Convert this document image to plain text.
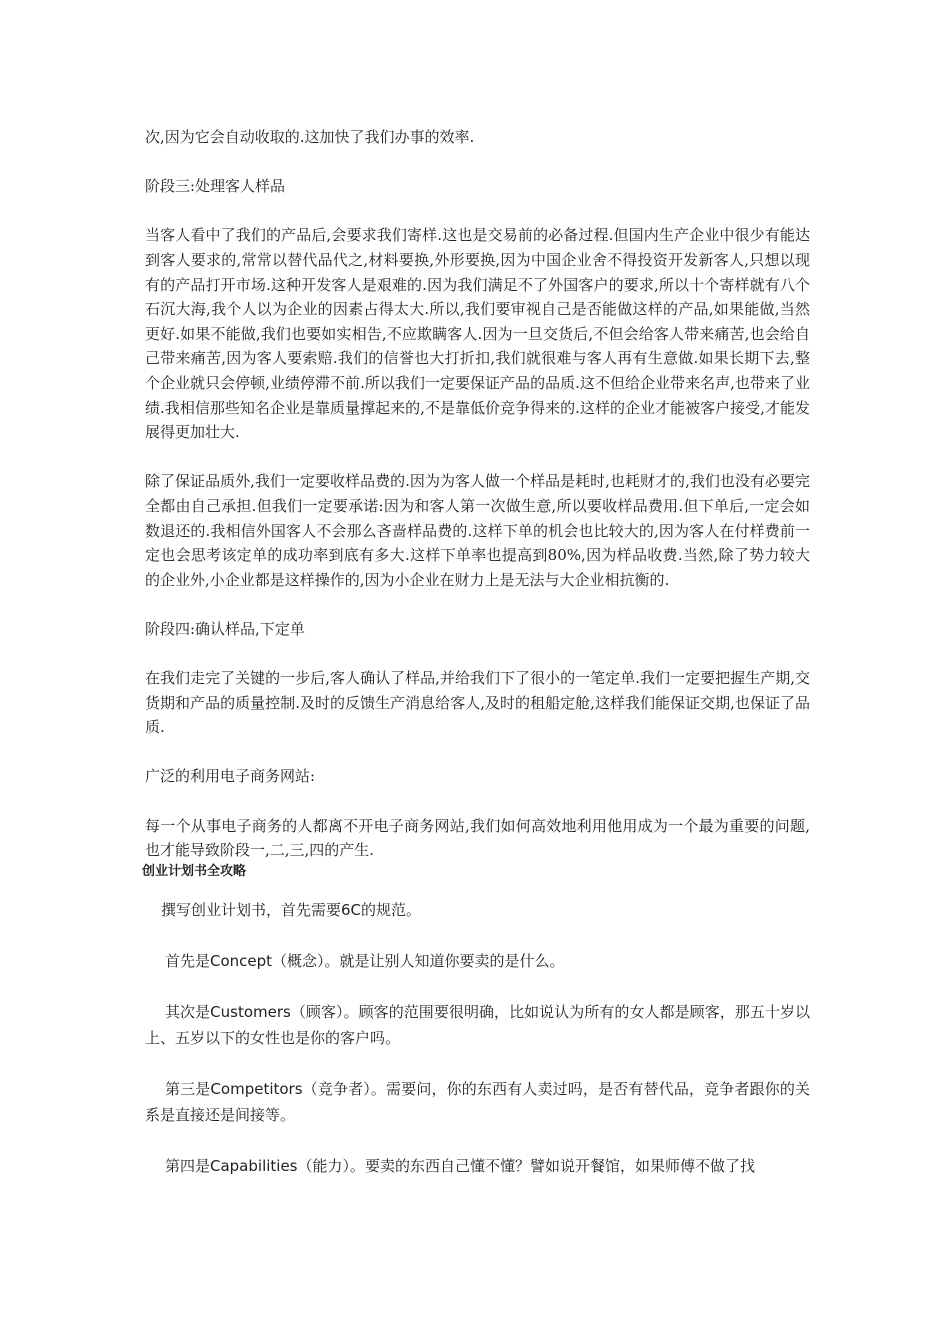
次,因为它会自动收取的.这加快了我们办事的效率.

阶段三:处理客人样品

当客人看中了我们的产品后,会要求我们寄样.这也是交易前的必备过程.但国内生产企业中很少有能达到客人要求的,常常以替代品代之,材料要换,外形要换,因为中国企业舍不得投资开发新客人,只想以现有的产品打开市场.这种开发客人是艰难的.因为我们满足不了外国客户的要求,所以十个寄样就有八个石沉大海,我个人以为企业的因素占得太大.所以,我们要审视自己是否能做这样的产品,如果能做,当然更好.如果不能做,我们也要如实相告,不应欺瞒客人.因为一旦交货后,不但会给客人带来痛苦,也会给自己带来痛苦,因为客人要索赔.我们的信誉也大打折扣,我们就很难与客人再有生意做.如果长期下去,整个企业就只会停顿,业绩停滞不前.所以我们一定要保证产品的品质.这不但给企业带来名声,也带来了业绩.我相信那些知名企业是靠质量撑起来的,不是靠低价竞争得来的.这样的企业才能被客户接受,才能发展得更加壮大.

除了保证品质外,我们一定要收样品费的.因为为客人做一个样品是耗时,也耗财才的,我们也没有必要完全都由自己承担.但我们一定要承诺:因为和客人第一次做生意,所以要收样品费用.但下单后,一定会如数退还的.我相信外国客人不会那么吝啬样品费的.这样下单的机会也比较大的,因为客人在付样费前一定也会思考该定单的成功率到底有多大.这样下单率也提高到80%,因为样品收费.当然,除了势力较大的企业外,小企业都是这样操作的,因为小企业在财力上是无法与大企业相抗衡的.

阶段四:确认样品,下定单

在我们走完了关键的一步后,客人确认了样品,并给我们下了很小的一笔定单.我们一定要把握生产期,交货期和产品的质量控制.及时的反馈生产消息给客人,及时的租船定舱,这样我们能保证交期,也保证了品质.

广泛的利用电子商务网站:

每一个从事电子商务的人都离不开电子商务网站,我们如何高效地利用他用成为一个最为重要的问题,也才能导致阶段一,二,三,四的产生.

创业计划书全攻略

撰写创业计划书，首先需要6C的规范。

首先是Concept（概念）。就是让别人知道你要卖的是什么。

其次是Customers（顾客）。顾客的范围要很明确，比如说认为所有的女人都是顾客，那五十岁以上、五岁以下的女性也是你的客户吗。

第三是Competitors（竞争者）。需要问，你的东西有人卖过吗，是否有替代品，竞争者跟你的关系是直接还是间接等。

第四是Capabilities（能力）。要卖的东西自己懂不懂？譬如说开餐馆，如果师傅不做了找
